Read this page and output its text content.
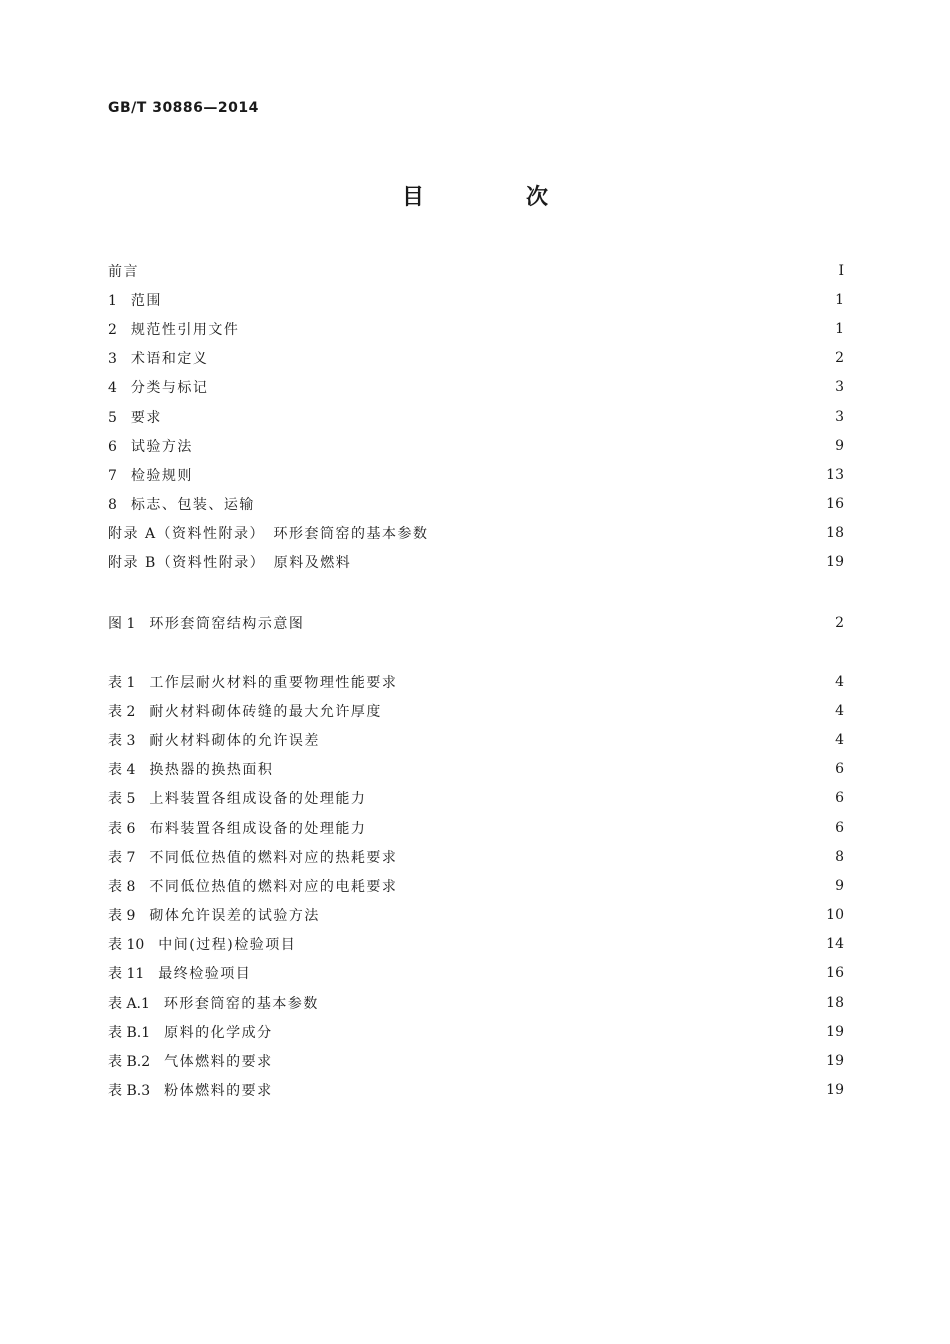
GB/T 30886—2014
目　次
前言	Ⅰ
1 范围	1
2 规范性引用文件	1
3 术语和定义	2
4 分类与标记	3
5 要求	3
6 试验方法	9
7 检验规则	13
8 标志、包装、运输	16
附录 A（资料性附录）　环形套筒窑的基本参数	18
附录 B（资料性附录）　原料及燃料	19
图 1 环形套筒窑结构示意图	2
表 1 工作层耐火材料的重要物理性能要求	4
表 2 耐火材料砌体砖缝的最大允许厚度	4
表 3 耐火材料砌体的允许误差	4
表 4 换热器的换热面积	6
表 5 上料装置各组成设备的处理能力	6
表 6 布料装置各组成设备的处理能力	6
表 7 不同低位热值的燃料对应的热耗要求	8
表 8 不同低位热值的燃料对应的电耗要求	9
表 9 砌体允许误差的试验方法	10
表 10 中间(过程)检验项目	14
表 11 最终检验项目	16
表 A.1 环形套筒窑的基本参数	18
表 B.1 原料的化学成分	19
表 B.2 气体燃料的要求	19
表 B.3 粉体燃料的要求	19
